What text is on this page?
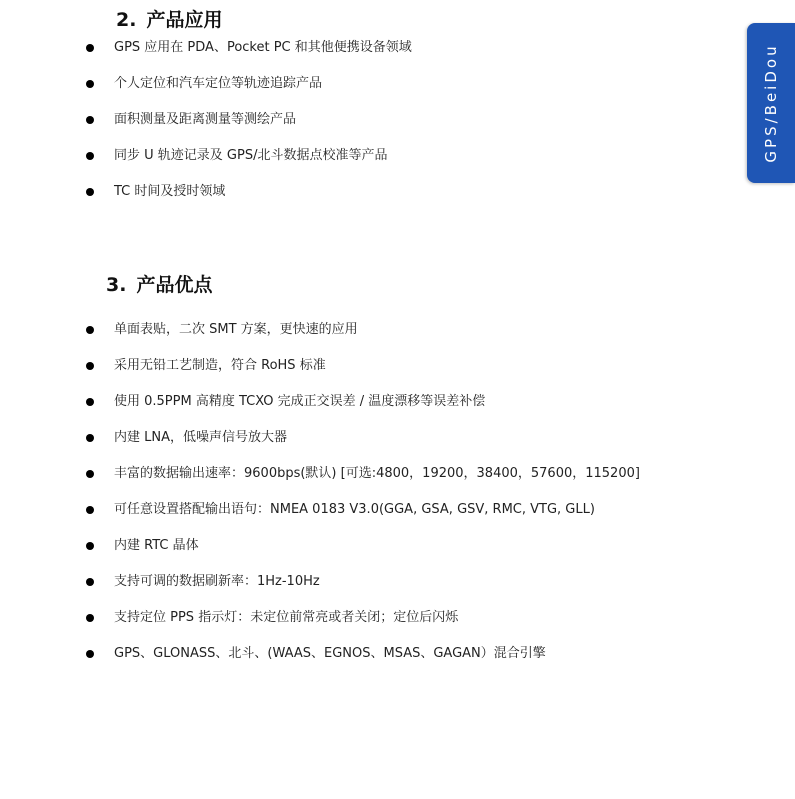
2. 产品应用
GPS 应用在 PDA、Pocket PC 和其他便携设备领域
个人定位和汽车定位等轨迹追踪产品
面积测量及距离测量等测绘产品
同步 U 轨迹记录及 GPS/北斗数据点校准等产品
TC 时间及授时领域
3. 产品优点
单面表贴，二次 SMT 方案，更快速的应用
采用无铅工艺制造，符合 RoHS 标准
使用 0.5PPM 高精度 TCXO 完成正交误差 / 温度漂移等误差补偿
内建 LNA，低噪声信号放大器
丰富的数据输出速率：9600bps(默认) [可选:4800，19200，38400，57600，115200]
可任意设置搭配输出语句：NMEA 0183 V3.0(GGA, GSA, GSV, RMC, VTG, GLL)
内建 RTC 晶体
支持可调的数据刷新率：1Hz-10Hz
支持定位 PPS 指示灯：未定位前常亮或者关闭；定位后闪烁
GPS、GLONASS、北斗、(WAAS、EGNOS、MSAS、GAGAN）混合引擎
GPS/BeiDou
